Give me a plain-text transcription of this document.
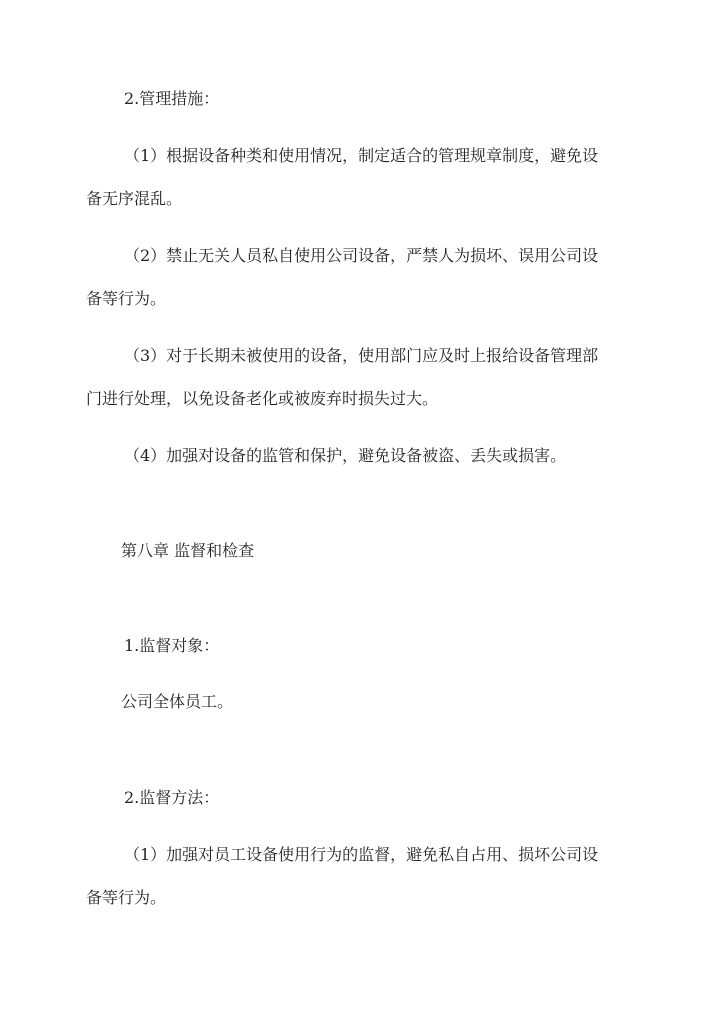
2.管理措施：

（1）根据设备种类和使用情况，制定适合的管理规章制度，避免设

备无序混乱。

（2）禁止无关人员私自使用公司设备，严禁人为损坏、误用公司设

备等行为。

（3）对于长期未被使用的设备，使用部门应及时上报给设备管理部

门进行处理，以免设备老化或被废弃时损失过大。

（4）加强对设备的监管和保护，避免设备被盗、丢失或损害。

第八章 监督和检查

1.监督对象：

公司全体员工。

2.监督方法：

（1）加强对员工设备使用行为的监督，避免私自占用、损坏公司设

备等行为。
